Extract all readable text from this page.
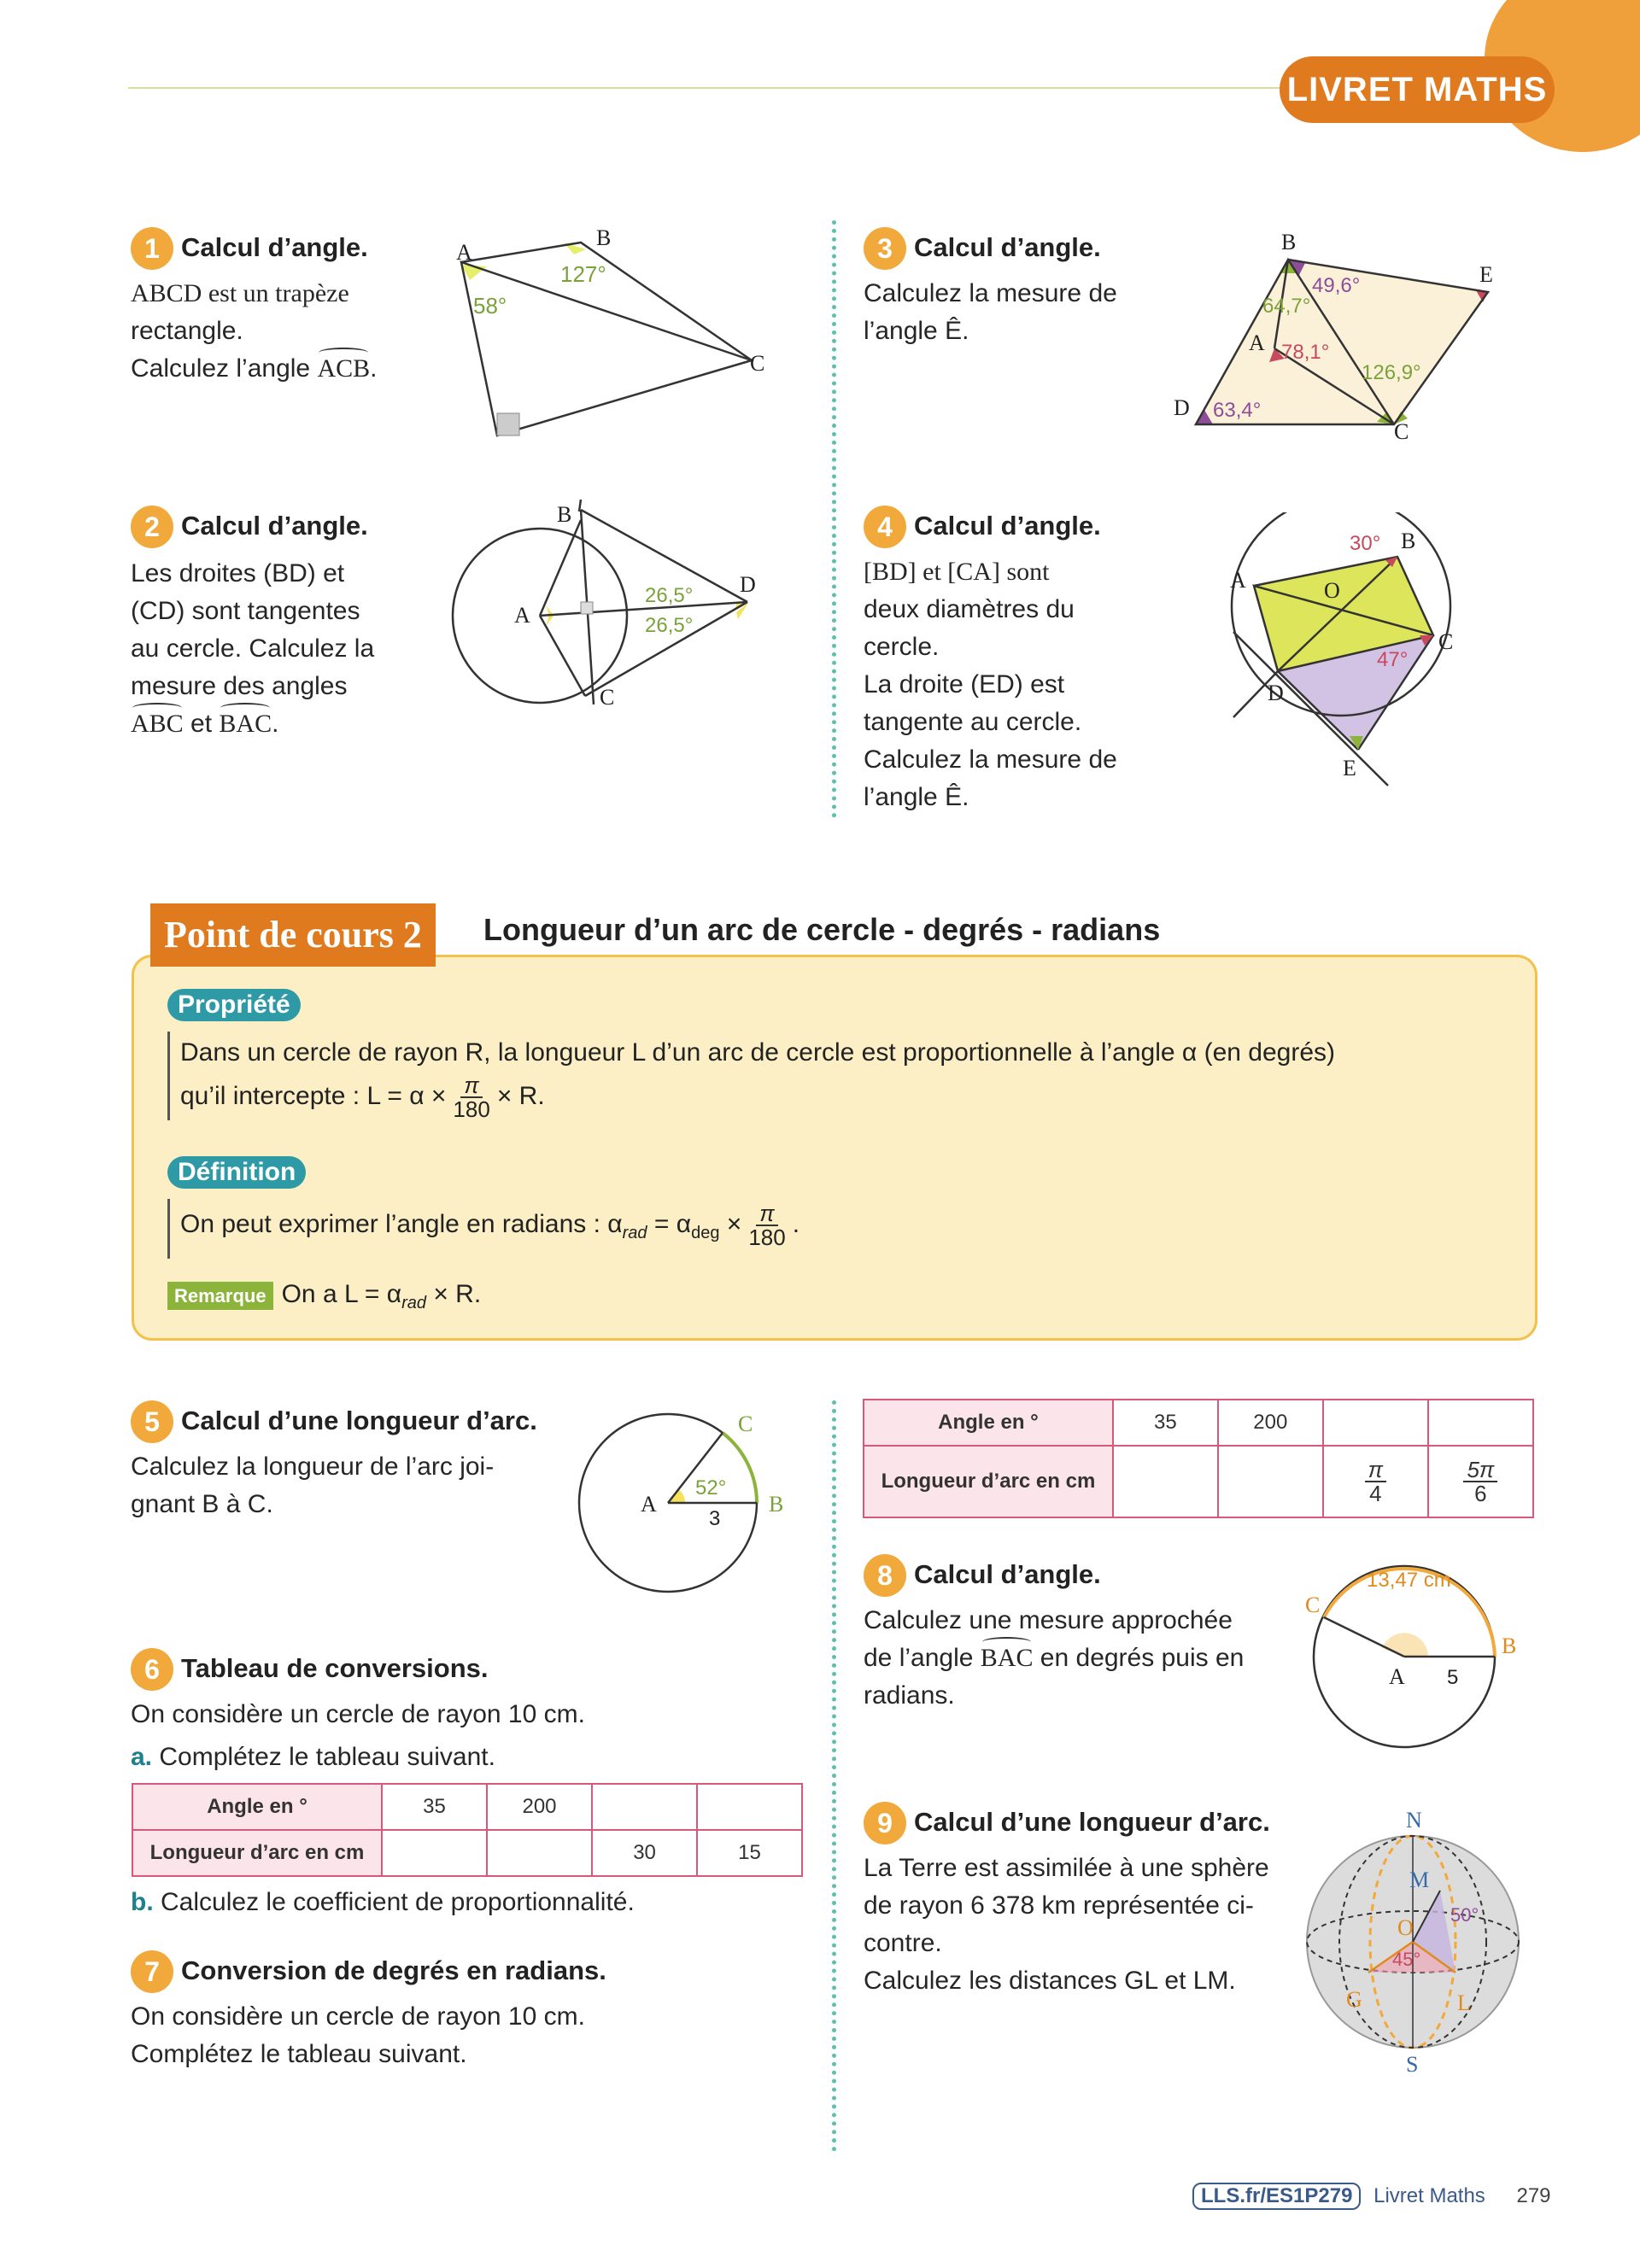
LIVRET MATHS
1 Calcul d’angle.
ABCD est un trapèze
rectangle.
Calculez l’angle ACB.
A
B
C
58°
127°
3 Calcul d’angle.
Calculez la mesure de
l’angle Ê.
B
E
A
D
C
49,6°
64,7°
78,1°
126,9°
63,4°
2 Calcul d’angle.
Les droites (BD) et
(CD) sont tangentes
au cercle. Calculez la
mesure des angles
ABC et BAC.
B
A
C
D
26,5°
26,5°
4 Calcul d’angle.
[BD] et [CA] sont
deux diamètres du
cercle.
La droite (ED) est
tangente au cercle.
Calculez la mesure de
l’angle Ê.
B
A	O
C
D
E
30°
47°
Point de cours 2	Longueur d’un arc de cercle - degrés - radians
Propriété
Dans un cercle de rayon R, la longueur L d’un arc de cercle est proportionnelle à l’angle α (en degrés)
qu’il intercepte : $L = \alpha \times \frac{\pi}{180} \times R$.
Définition
On peut exprimer l’angle en radians : $\alpha_{rad} = \alpha_{deg} \times \frac{\pi}{180}$ .
Remarque On a $L = \alpha_{rad} \times R$.
5 Calcul d’une longueur d’arc.
Calculez la longueur de l’arc joi-
gnant B à C.	A	B
C
52°
3
6 Tableau de conversions.
On considère un cercle de rayon 10 cm.
a. Complétez le tableau suivant.
Angle en °	35	200		
Longueur d’arc en cm			30	15
b. Calculez le coefficient de proportionnalité.
7 Conversion de degrés en radians.
On considère un cercle de rayon 10 cm.
Complétez le tableau suivant.
Angle en °	35	200		
Longueur d’arc en cm			$\frac{\pi}{4}$	$\frac{5\pi}{6}$
8 Calcul d’angle.
Calculez une mesure approchée
de l’angle BAC en degrés puis en
radians.
A
B
C
13,47 cm
5
9 Calcul d’une longueur d’arc.
La Terre est assimilée à une sphère
de rayon 6 378 km représentée ci-
contre.
Calculez les distances GL et LM.
N
S
M
O
G	L
50°
45°
LLS.fr/ES1P279 Livret Maths 279
